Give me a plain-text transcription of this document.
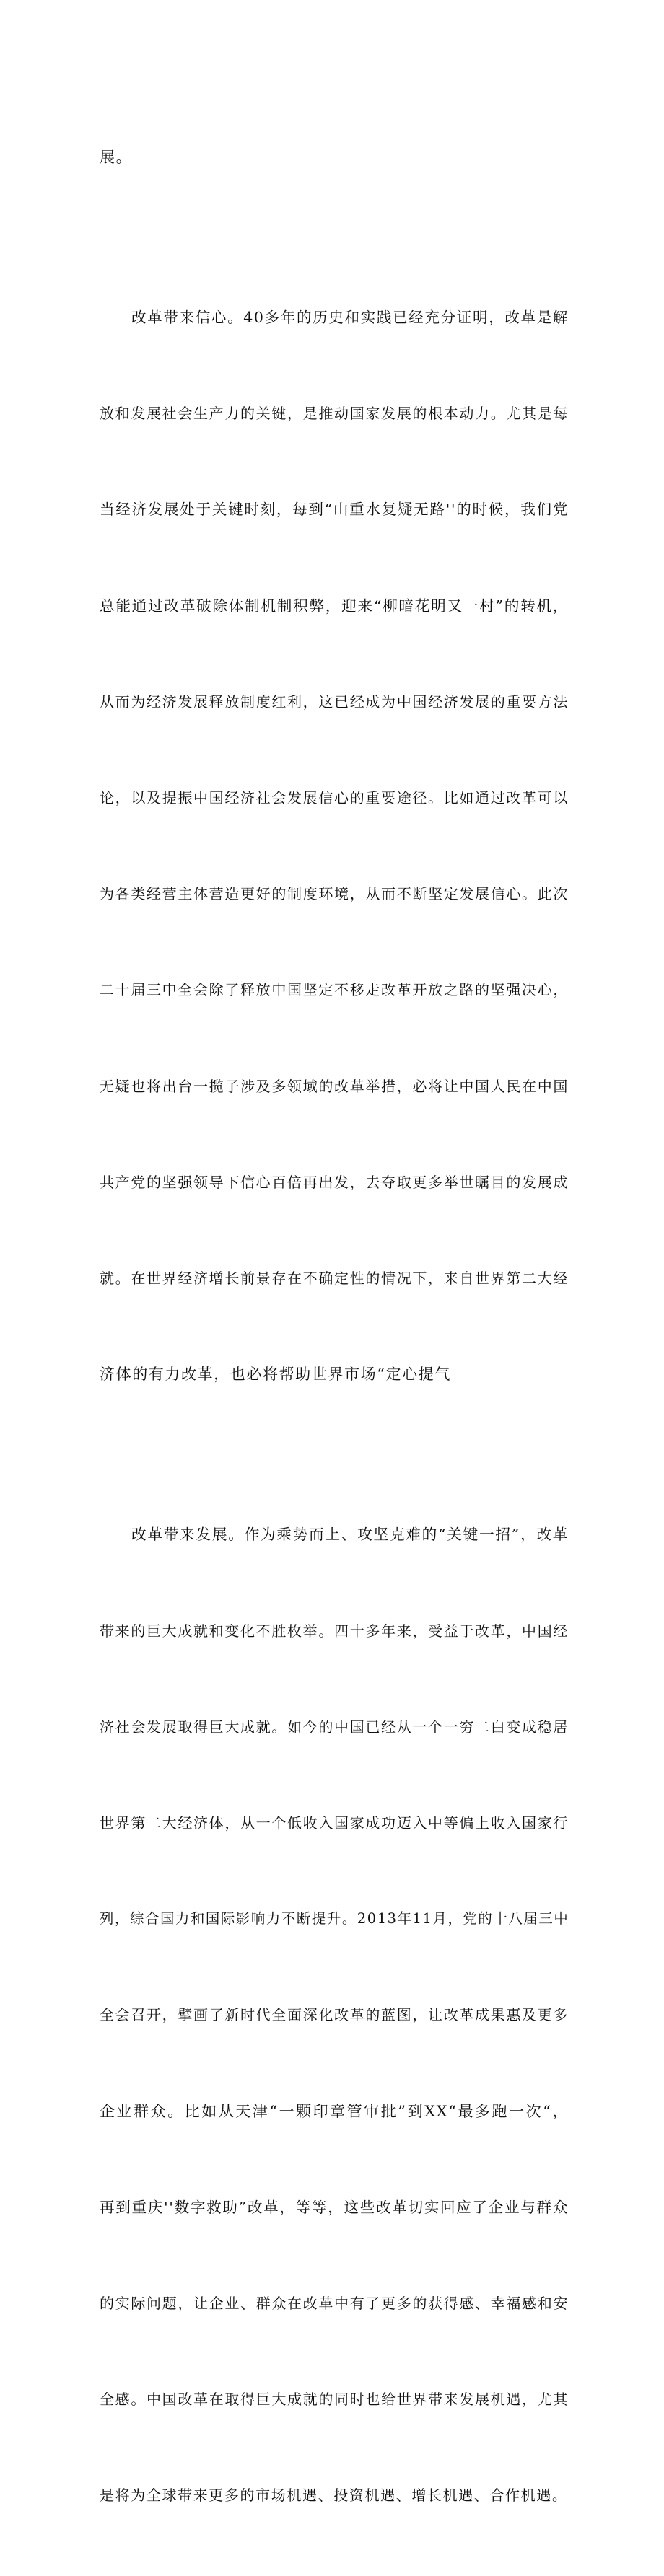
展。

改革带来信心。40多年的历史和实践已经充分证明，改革是解

放和发展社会生产力的关键，是推动国家发展的根本动力。尤其是每

当经济发展处于关键时刻，每到“山重水复疑无路''的时候，我们党

总能通过改革破除体制机制积弊，迎来“柳暗花明又一村”的转机，

从而为经济发展释放制度红利，这已经成为中国经济发展的重要方法

论，以及提振中国经济社会发展信心的重要途径。比如通过改革可以

为各类经营主体营造更好的制度环境，从而不断坚定发展信心。此次

二十届三中全会除了释放中国坚定不移走改革开放之路的坚强决心，

无疑也将出台一揽子涉及多领域的改革举措，必将让中国人民在中国

共产党的坚强领导下信心百倍再出发，去夺取更多举世瞩目的发展成

就。在世界经济增长前景存在不确定性的情况下，来自世界第二大经

济体的有力改革，也必将帮助世界市场“定心提气

改革带来发展。作为乘势而上、攻坚克难的“关键一招”，改革

带来的巨大成就和变化不胜枚举。四十多年来，受益于改革，中国经

济社会发展取得巨大成就。如今的中国已经从一个一穷二白变成稳居

世界第二大经济体，从一个低收入国家成功迈入中等偏上收入国家行

列，综合国力和国际影响力不断提升。2013年11月，党的十八届三中

全会召开，擘画了新时代全面深化改革的蓝图，让改革成果惠及更多

企业群众。比如从天津“一颗印章管审批”到XX“最多跑一次“，

再到重庆''数字救助”改革，等等，这些改革切实回应了企业与群众

的实际问题，让企业、群众在改革中有了更多的获得感、幸福感和安

全感。中国改革在取得巨大成就的同时也给世界带来发展机遇，尤其

是将为全球带来更多的市场机遇、投资机遇、增长机遇、合作机遇。
